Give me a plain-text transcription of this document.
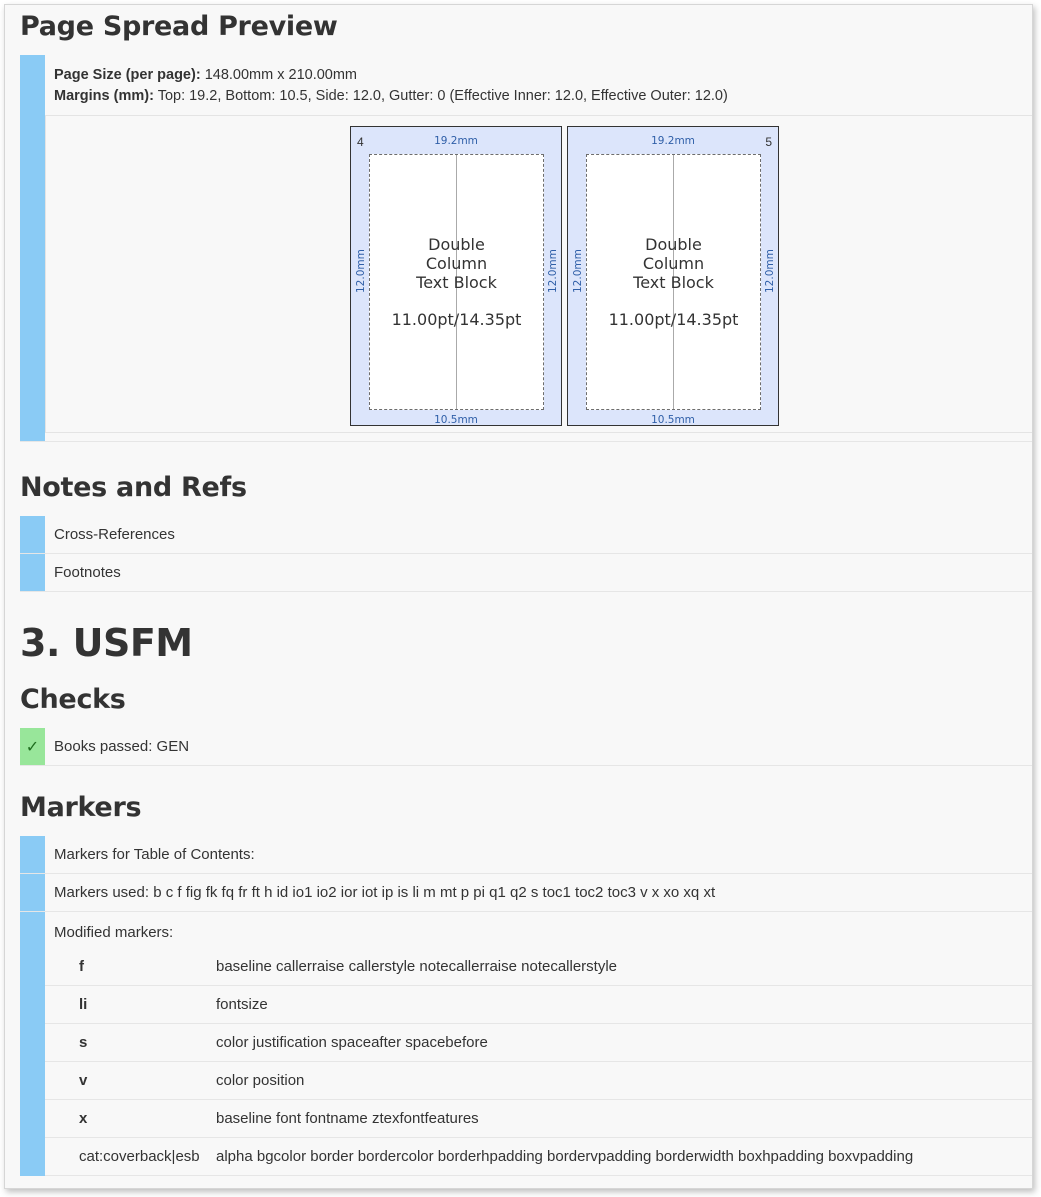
Page Spread Preview
Page Size (per page): 148.00mm x 210.00mm
Margins (mm): Top: 19.2, Bottom: 10.5, Side: 12.0, Gutter: 0 (Effective Inner: 12.0, Effective Outer: 12.0)
4	19.2mm
12.0mm	12.0mm
Double
Column
Text Block
11.00pt/14.35pt
10.5mm
5
19.2mm
12.0mm	12.0mm
Double
Column
Text Block
11.00pt/14.35pt
10.5mm
Notes and Refs
Cross-References
Footnotes
3. USFM
Checks
✓ Books passed: GEN
Markers
Markers for Table of Contents:
Markers used: b c f fig fk fq fr ft h id io1 io2 ior iot ip is li m mt p pi q1 q2 s toc1 toc2 toc3 v x xo xq xt
Modified markers:
f	baseline callerraise callerstyle notecallerraise notecallerstyle
li	fontsize
s	color justification spaceafter spacebefore
v	color position
x	baseline font fontname ztexfontfeatures
cat:coverback|esb	alpha bgcolor border bordercolor borderhpadding bordervpadding borderwidth boxhpadding boxvpadding
